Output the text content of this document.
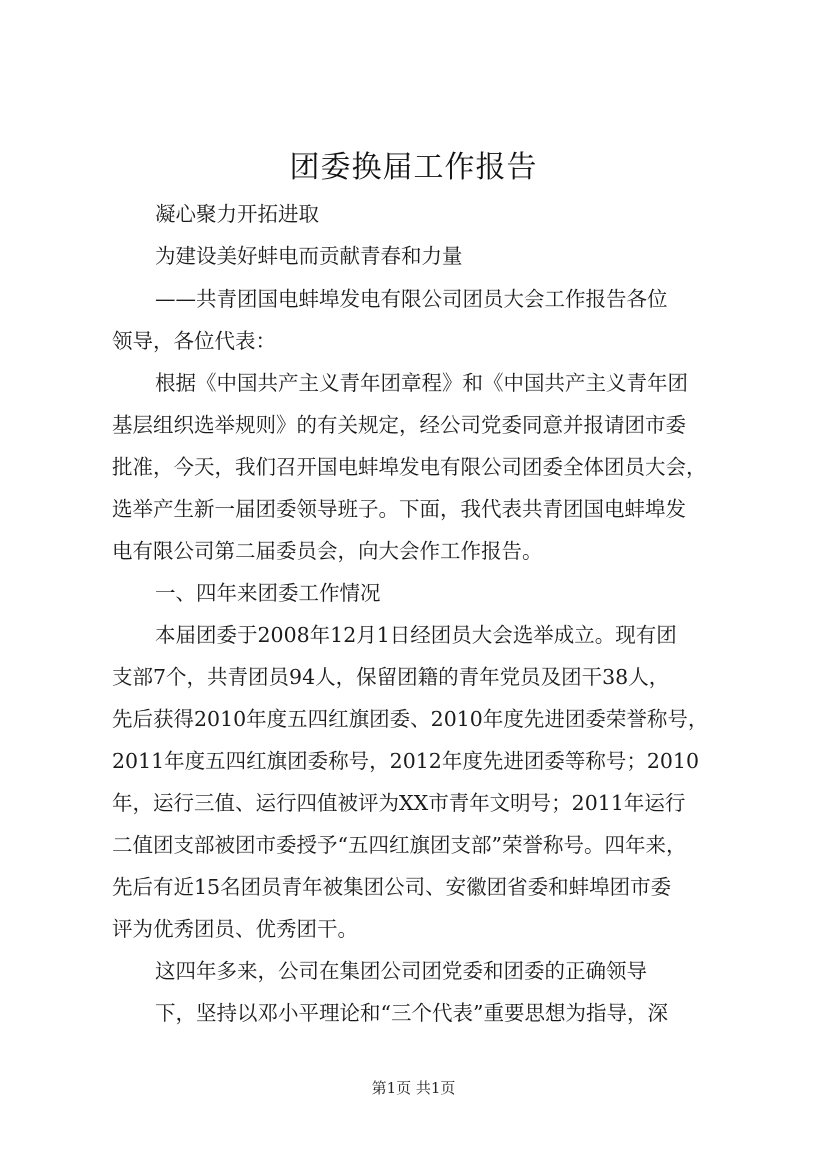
团委换届工作报告
凝心聚力开拓进取
为建设美好蚌电而贡献青春和力量
——共青团国电蚌埠发电有限公司团员大会工作报告各位
领导，各位代表：
根据《中国共产主义青年团章程》和《中国共产主义青年团
基层组织选举规则》的有关规定，经公司党委同意并报请团市委
批准，今天，我们召开国电蚌埠发电有限公司团委全体团员大会，
选举产生新一届团委领导班子。下面，我代表共青团国电蚌埠发
电有限公司第二届委员会，向大会作工作报告。
一、四年来团委工作情况
本届团委于2008年12月1日经团员大会选举成立。现有团
支部7个，共青团员94人，保留团籍的青年党员及团干38人，
先后获得2010年度五四红旗团委、2010年度先进团委荣誉称号，
2011年度五四红旗团委称号，2012年度先进团委等称号；2010
年，运行三值、运行四值被评为XX市青年文明号；2011年运行
二值团支部被团市委授予“五四红旗团支部”荣誉称号。四年来，
先后有近15名团员青年被集团公司、安徽团省委和蚌埠团市委
评为优秀团员、优秀团干。
这四年多来，公司在集团公司团党委和团委的正确领导
下，坚持以邓小平理论和“三个代表”重要思想为指导，深
第1页 共1页
